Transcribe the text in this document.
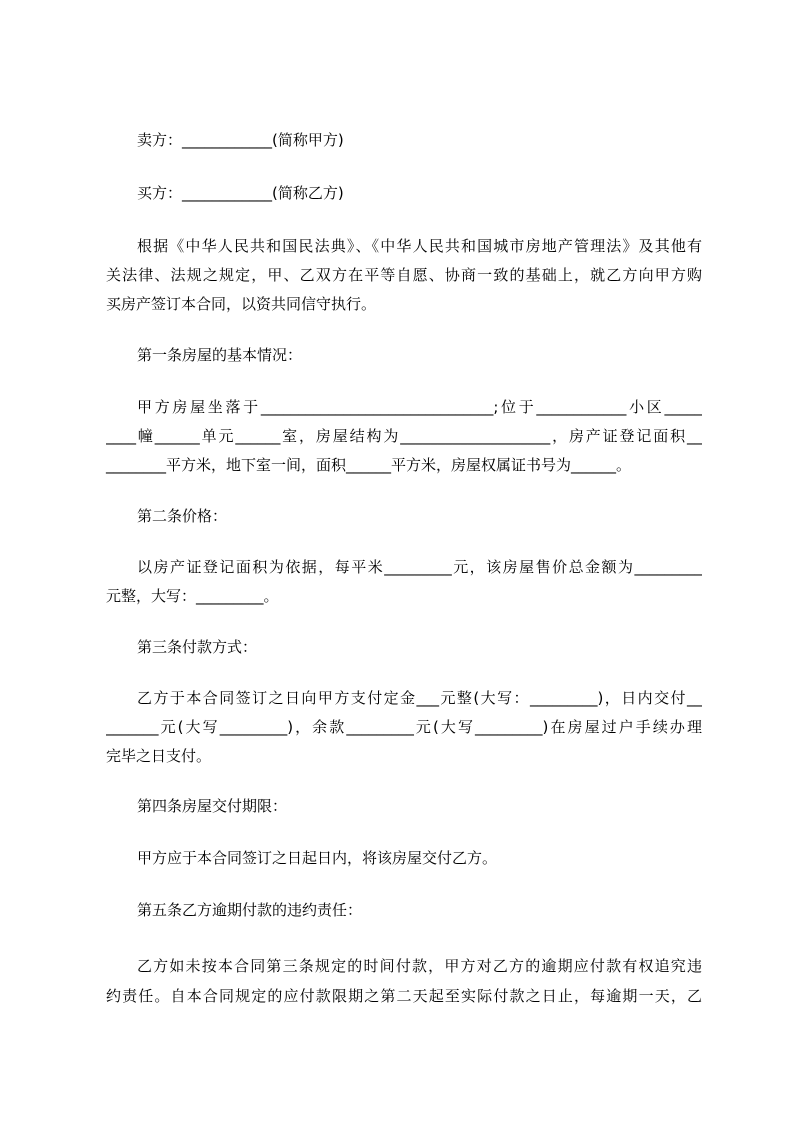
卖方：____________(简称甲方)
买方：____________(简称乙方)
根据《中华人民共和国民法典》、《中华人民共和国城市房地产管理法》及其他有
关法律、法规之规定，甲、乙双方在平等自愿、协商一致的基础上，就乙方向甲方购
买房产签订本合同，以资共同信守执行。
第一条房屋的基本情况：
甲方房屋坐落于_______________________________;位于____________小区_____
____幢______单元______室，房屋结构为____________________，房产证登记面积__
________平方米，地下室一间，面积______平方米，房屋权属证书号为______。
第二条价格：
以房产证登记面积为依据，每平米_________元，该房屋售价总金额为_________
元整，大写：_________。
第三条付款方式：
乙方于本合同签订之日向甲方支付定金___元整(大写：_________)，日内交付__
_______元(大写_________)，余款_________元(大写_________)在房屋过户手续办理
完毕之日支付。
第四条房屋交付期限：
甲方应于本合同签订之日起日内，将该房屋交付乙方。
第五条乙方逾期付款的违约责任：
乙方如未按本合同第三条规定的时间付款，甲方对乙方的逾期应付款有权追究违
约责任。自本合同规定的应付款限期之第二天起至实际付款之日止，每逾期一天，乙
